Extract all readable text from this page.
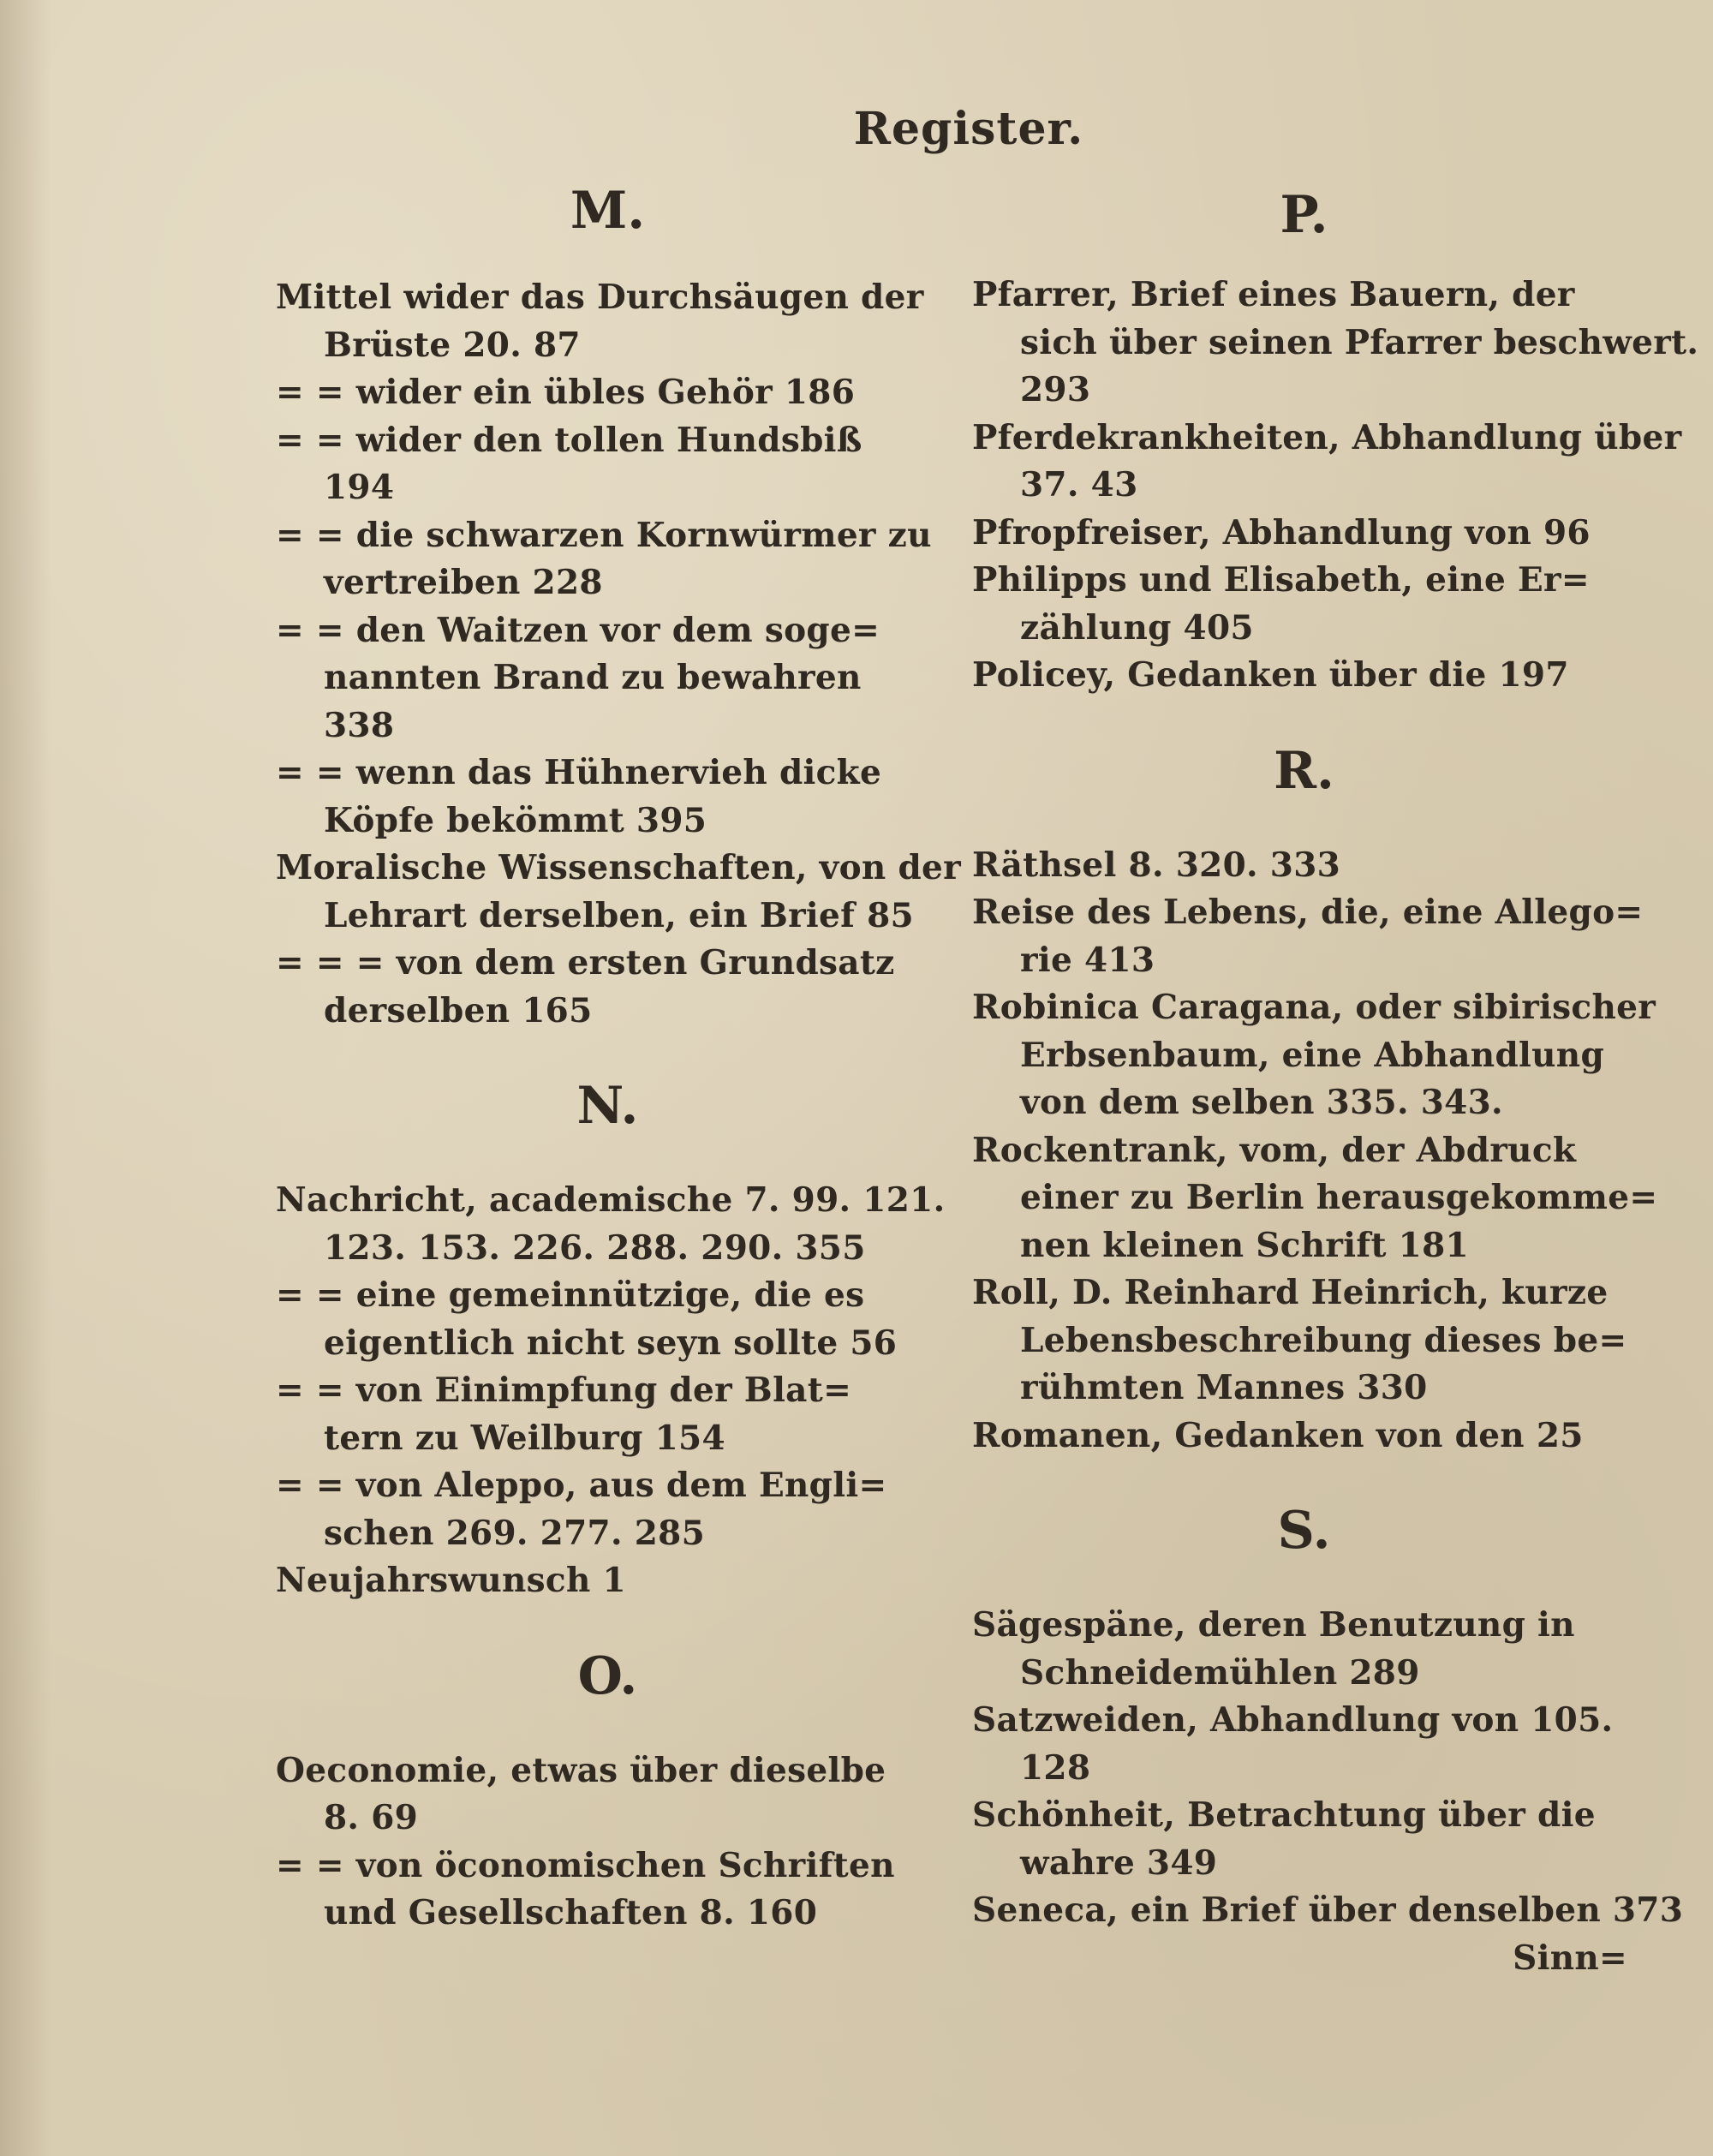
Register.
M.
Mittel wider das Durchsäugen der
Brüste 20. 87
= = wider ein übles Gehör 186
= = wider den tollen Hundsbiß
194
= = die schwarzen Kornwürmer zu
vertreiben 228
= = den Waitzen vor dem soge=
nannten Brand zu bewahren
338
= = wenn das Hühnervieh dicke
Köpfe bekömmt 395
Moralische Wissenschaften, von der
Lehrart derselben, ein Brief 85
= = = von dem ersten Grundsatz
derselben 165
N.
Nachricht, academische 7. 99. 121.
123. 153. 226. 288. 290. 355
= = eine gemeinnützige, die es
eigentlich nicht seyn sollte 56
= = von Einimpfung der Blat=
tern zu Weilburg 154
= = von Aleppo, aus dem Engli=
schen 269. 277. 285
Neujahrswunsch 1
O.
Oeconomie, etwas über dieselbe
8. 69
= = von öconomischen Schriften
und Gesellschaften 8. 160
P.
Pfarrer, Brief eines Bauern, der
sich über seinen Pfarrer beschwert.
293
Pferdekrankheiten, Abhandlung über
37. 43
Pfropfreiser, Abhandlung von 96
Philipps und Elisabeth, eine Er=
zählung 405
Policey, Gedanken über die 197
R.
Räthsel 8. 320. 333
Reise des Lebens, die, eine Allego=
rie 413
Robinica Caragana, oder sibirischer
Erbsenbaum, eine Abhandlung
von dem selben 335. 343.
Rockentrank, vom, der Abdruck
einer zu Berlin herausgekomme=
nen kleinen Schrift 181
Roll, D. Reinhard Heinrich, kurze
Lebensbeschreibung dieses be=
rühmten Mannes 330
Romanen, Gedanken von den 25
S.
Sägespäne, deren Benutzung in
Schneidemühlen 289
Satzweiden, Abhandlung von 105.
128
Schönheit, Betrachtung über die
wahre 349
Seneca, ein Brief über denselben 373
Sinn=
